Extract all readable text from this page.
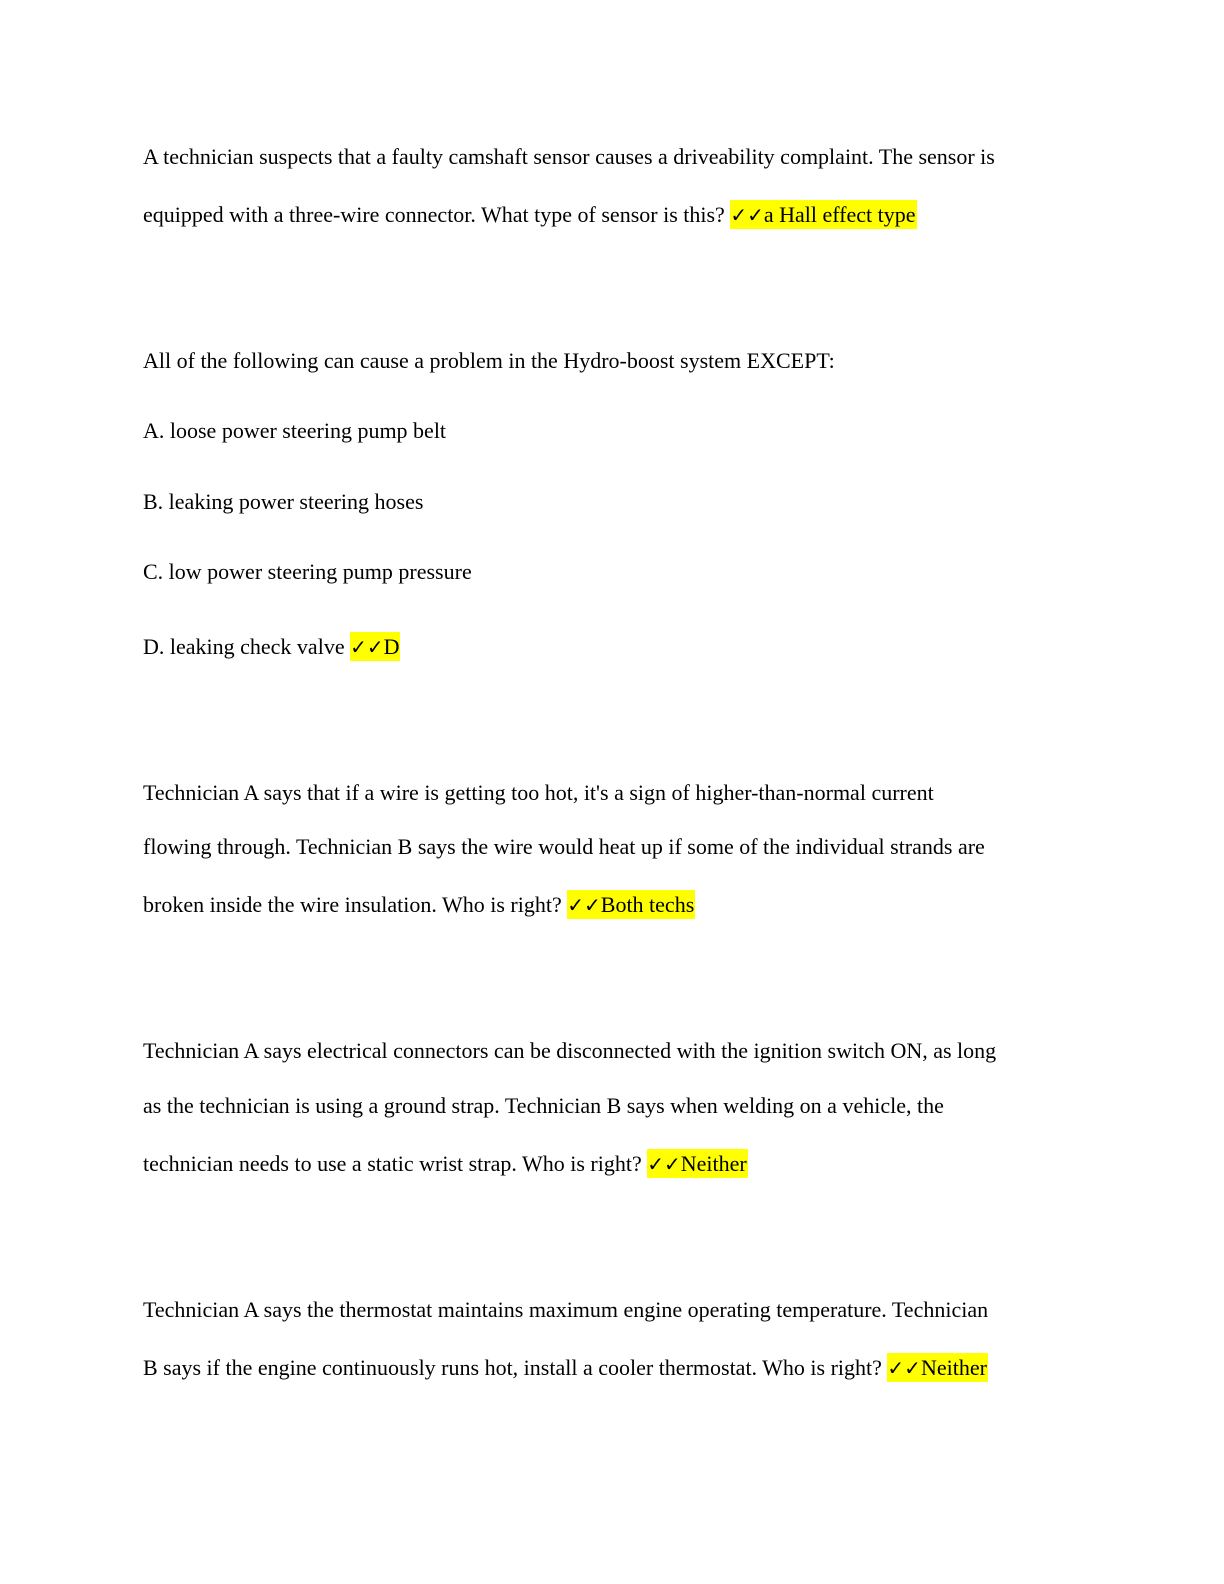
A technician suspects that a faulty camshaft sensor causes a driveability complaint. The sensor is
equipped with a three-wire connector. What type of sensor is this? ✓✓a Hall effect type
All of the following can cause a problem in the Hydro-boost system EXCEPT:
A. loose power steering pump belt
B. leaking power steering hoses
C. low power steering pump pressure
D. leaking check valve ✓✓D
Technician A says that if a wire is getting too hot, it's a sign of higher-than-normal current
flowing through. Technician B says the wire would heat up if some of the individual strands are
broken inside the wire insulation. Who is right? ✓✓Both techs
Technician A says electrical connectors can be disconnected with the ignition switch ON, as long
as the technician is using a ground strap. Technician B says when welding on a vehicle, the
technician needs to use a static wrist strap. Who is right? ✓✓Neither
Technician A says the thermostat maintains maximum engine operating temperature. Technician
B says if the engine continuously runs hot, install a cooler thermostat. Who is right? ✓✓Neither
